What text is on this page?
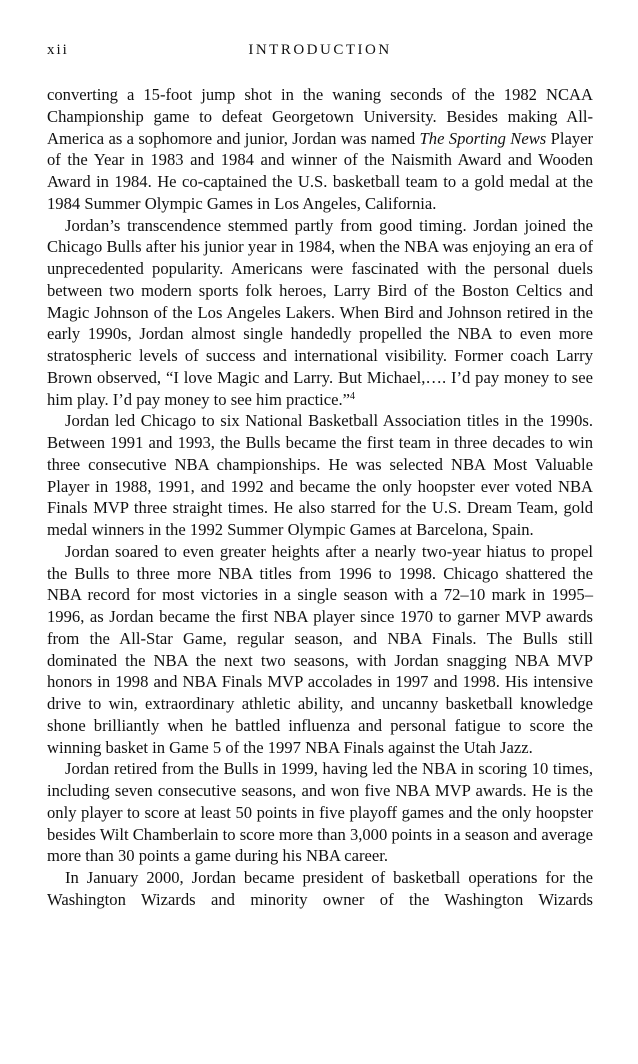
xii	INTRODUCTION

converting a 15-foot jump shot in the waning seconds of the 1982 NCAA Championship game to defeat Georgetown University. Besides making All-America as a sophomore and junior, Jordan was named The Sporting News Player of the Year in 1983 and 1984 and winner of the Naismith Award and Wooden Award in 1984. He co-captained the U.S. basketball team to a gold medal at the 1984 Summer Olympic Games in Los Angeles, California.

Jordan’s transcendence stemmed partly from good timing. Jordan joined the Chicago Bulls after his junior year in 1984, when the NBA was enjoying an era of unprecedented popularity. Americans were fascinated with the personal duels between two modern sports folk heroes, Larry Bird of the Boston Celtics and Magic Johnson of the Los Angeles Lakers. When Bird and Johnson retired in the early 1990s, Jordan almost single handedly propelled the NBA to even more stratospheric levels of success and international visibility. Former coach Larry Brown observed, “I love Magic and Larry. But Michael,…. I’d pay money to see him play. I’d pay money to see him practice.”$^4$

Jordan led Chicago to six National Basketball Association titles in the 1990s. Between 1991 and 1993, the Bulls became the first team in three decades to win three consecutive NBA championships. He was selected NBA Most Valuable Player in 1988, 1991, and 1992 and became the only hoopster ever voted NBA Finals MVP three straight times. He also starred for the U.S. Dream Team, gold medal winners in the 1992 Summer Olympic Games at Barcelona, Spain.

Jordan soared to even greater heights after a nearly two-year hiatus to propel the Bulls to three more NBA titles from 1996 to 1998. Chicago shattered the NBA record for most victories in a single season with a 72–10 mark in 1995–1996, as Jordan became the first NBA player since 1970 to garner MVP awards from the All-Star Game, regular season, and NBA Finals. The Bulls still dominated the NBA the next two seasons, with Jordan snagging NBA MVP honors in 1998 and NBA Finals MVP accolades in 1997 and 1998. His intensive drive to win, extraordinary athletic ability, and uncanny basketball knowledge shone brilliantly when he battled influenza and personal fatigue to score the winning basket in Game 5 of the 1997 NBA Finals against the Utah Jazz.

Jordan retired from the Bulls in 1999, having led the NBA in scoring 10 times, including seven consecutive seasons, and won five NBA MVP awards. He is the only player to score at least 50 points in five playoff games and the only hoopster besides Wilt Chamberlain to score more than 3,000 points in a season and average more than 30 points a game during his NBA career.

In January 2000, Jordan became president of basketball operations for the Washington Wizards and minority owner of the Washington Wizards
